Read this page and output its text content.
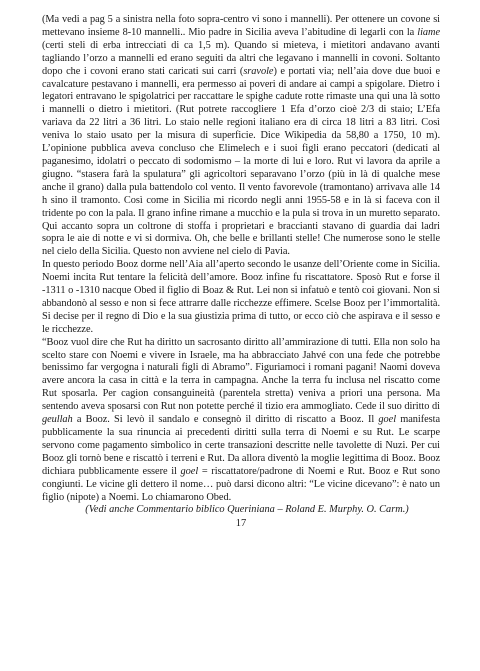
(Ma vedi a pag 5 a sinistra nella foto sopra-centro vi sono i mannelli). Per ottenere un covone si mettevano insieme 8-10 mannelli.. Mio padre in Sicilia aveva l’abitudine di legarli con la liame (certi steli di erba intrecciati di ca 1,5 m). Quando si mieteva, i mietitori andavano avanti tagliando l’orzo a mannelli ed erano seguiti da altri che legavano i mannelli in covoni. Soltanto dopo che i covoni erano stati caricati sui carri (sravole) e portati via; nell’aia dove due buoi e cavalcature pestavano i mannelli, era permesso ai poveri di andare ai campi a spigolare. Dietro i legatori entravano le spigolatrici per raccattare le spighe cadute rotte rimaste una qui una là sotto i mannelli o dietro i mietitori. (Rut potrete raccogliere 1 Efa d’orzo cioè 2/3 di staio; L’Efa variava da 22 litri a 36 litri. Lo staio nelle regioni italiano era di circa 18 litri a 83 litri. Così veniva lo staio usato per la misura di superficie. Dice Wikipedia da 58,80 a 1750, 10 m). L’opinione pubblica aveva concluso che Elimelech e i suoi figli erano peccatori (dedicati al paganesimo, idolatri o peccato di sodomismo – la morte di lui e loro. Rut vi lavora da aprile a giugno. “stasera farà la spulatura” gli agricoltori separavano l’orzo (più in là di qualche mese anche il grano) dalla pula battendolo col vento. Il vento favorevole (tramontano) arrivava alle 14 h sino il tramonto. Così come in Sicilia mi ricordo negli anni 1955-58 e in là si faceva con il tridente po con la pala. Il grano infine rimane a mucchio e la pula si trova in un muretto separato. Qui accanto sopra un coltrone di stoffa i proprietari e braccianti stavano di guardia dai ladri sopra le aie di notte e vi si dormiva. Oh, che belle e brillanti stelle! Che numerose sono le stelle nel cielo della Sicilia. Questo non avviene nel cielo di Pavia.

In questo periodo Booz dorme nell’Aia all’aperto secondo le usanze dell’Oriente come in Sicilia. Noemi incita Rut tentare la felicità dell’amore. Booz infine fu riscattatore. Sposò Rut e forse il -1311 o -1310 nacque Obed il figlio di Boaz & Rut. Lei non si infatuò e tentò coi giovani. Non si abbandonò al sesso e non si fece attrarre dalle ricchezze effimere. Scelse Booz per l’immortalità. Si decise per il regno di Dio e la sua giustizia prima di tutto, or ecco ciò che aspirava e il sesso e le ricchezze.

“Booz vuol dire che Rut ha diritto un sacrosanto diritto all’ammirazione di tutti. Ella non solo ha scelto stare con Noemi e vivere in Israele, ma ha abbracciato Jahvé con una fede che potrebbe benissimo far vergogna i naturali figli di Abramo”. Figuriamoci i romani pagani! Naomi doveva avere ancora la casa in città e la terra in campagna. Anche la terra fu inclusa nel riscatto come Rut sposarla. Per cagion consanguineità (parentela stretta) veniva a priori una persona. Ma sentendo aveva sposarsi con Rut non potette perché il tizio era ammogliato. Cede il suo diritto di geullah a Booz. Si levò il sandalo e consegnò il diritto di riscatto a Booz. Il goel manifesta pubblicamente la sua rinuncia ai precedenti diritti sulla terra di Noemi e su Rut. Le scarpe servono come pagamento simbolico in certe transazioni descritte nelle tavolette di Nuzi. Per cui Booz gli tornò bene e riscattò i terreni e Rut. Da allora diventò la moglie legittima di Booz. Booz dichiara pubblicamente essere il goel = riscattatore/padrone di Noemi e Rut. Booz e Rut sono congiunti. Le vicine gli dettero il nome… può darsi dicono altri: “Le vicine dicevano”: è nato un figlio (nipote) a Noemi. Lo chiamarono Obed.

(Vedi anche Commentario biblico Queriniana – Roland E. Murphy. O. Carm.)

17
